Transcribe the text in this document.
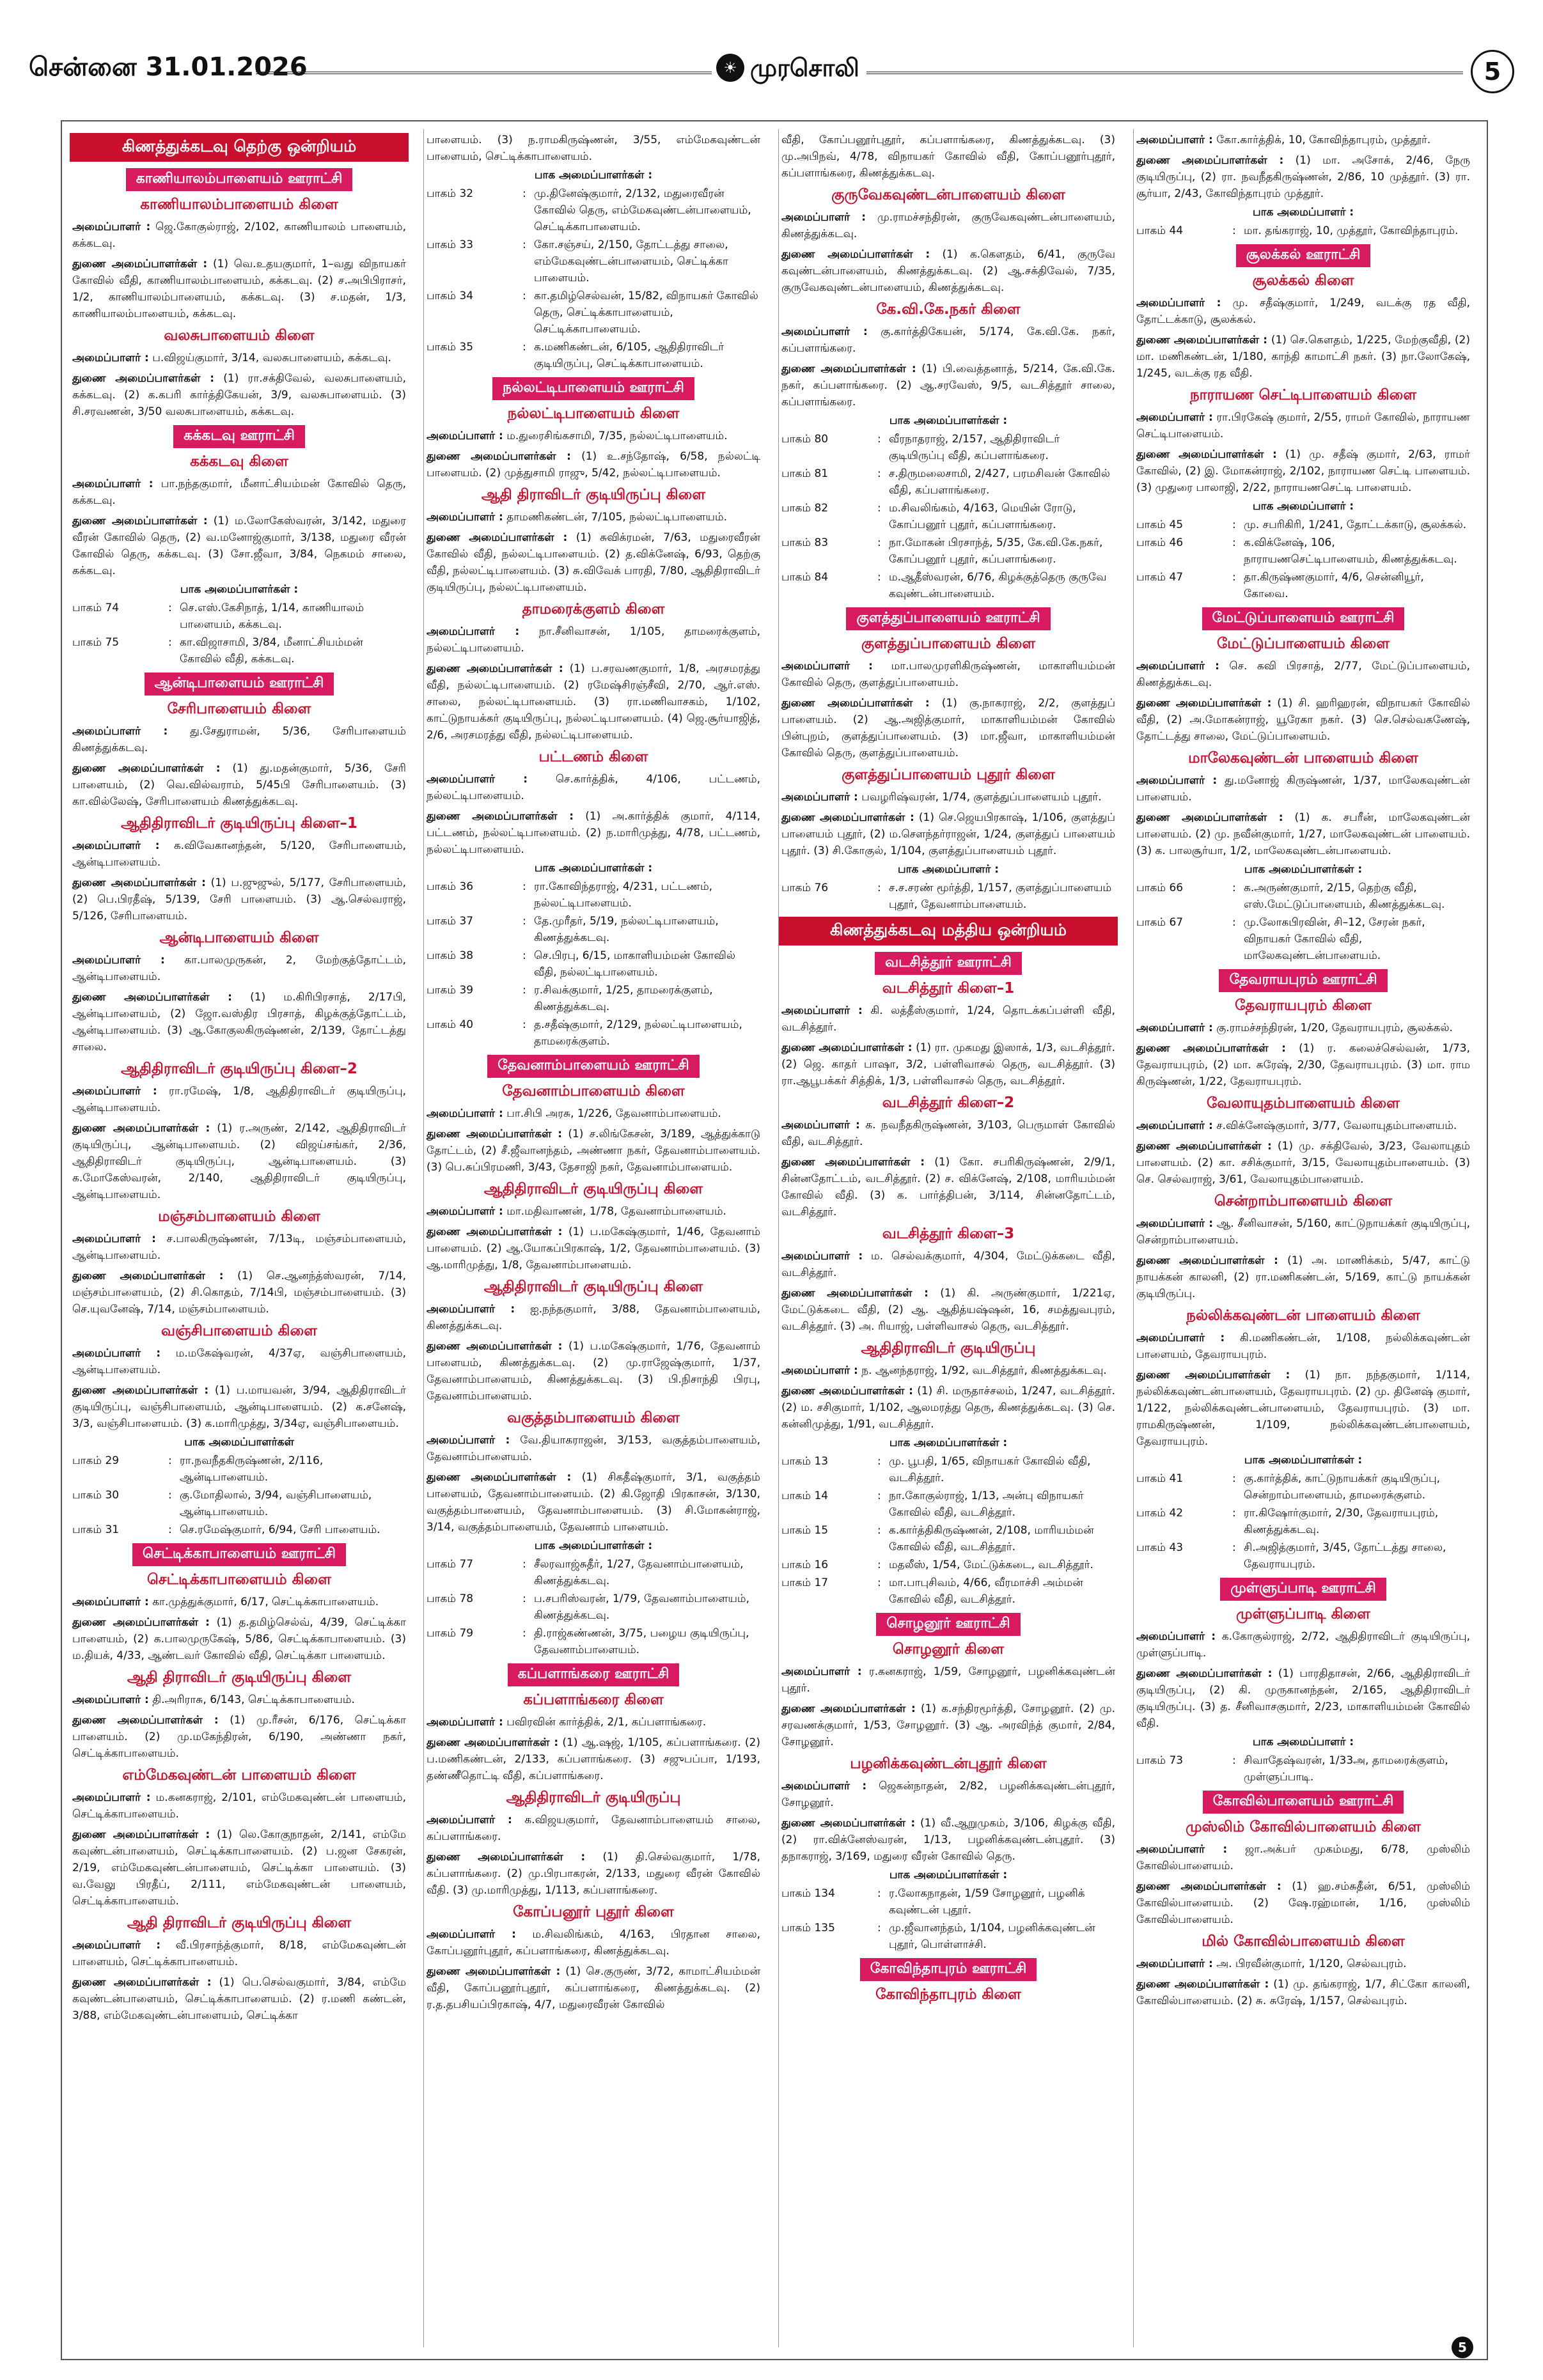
சென்னை 31.01.2026	☀ முரசொலி	5
கிணத்துக்கடவு தெற்கு ஒன்றியம்
காணியாலம்பாளையம் ஊராட்சி
காணியாலம்பாளையம் கிளை
அமைப்பாளர் : ஜெ.கோகுல்ராஜ், 2/102, காணியாலம் பாளையம், கக்கடவு.
துணை அமைப்பாளர்கள் : (1) வெ.உதயகுமார், 1–வது விநாயகர் கோவில் வீதி, காணியாலம்பாளையம், கக்கடவு. (2) ச.அபிபிராசர், 1/2, காணியாலம்பாளையம், கக்கடவு. (3) ச.மதன், 1/3, காணியாலம்பாளையம், கக்கடவு.
வலசுபாளையம் கிளை
அமைப்பாளர் : ப.விஜய்குமார், 3/14, வலசுபாளையம், கக்கடவு.
துணை அமைப்பாளர்கள் : (1) ரா.சக்திவேல், வலசுபாளையம், கக்கடவு. (2) க.கபரி கார்த்திகேயன், 3/9, வலசுபாளையம். (3) சி.சரவணன், 3/50 வலசுபாளையம், கக்கடவு.
கக்கடவு ஊராட்சி
கக்கடவு கிளை
அமைப்பாளர் : பா.நந்தகுமார், மீனாட்சியம்மன் கோவில் தெரு, கக்கடவு.
துணை அமைப்பாளர்கள் : (1) ம.லோகேஸ்வரன், 3/142, மதுரை வீரன் கோவில் தெரு, (2) வ.மனோஜ்குமார், 3/138, மதுரை வீரன் கோவில் தெரு, கக்கடவு. (3) சோ.ஜீவா, 3/84, நெகமம் சாலை, கக்கடவு.
பாக அமைப்பாளர்கள் :
பாகம் 74	: செ.எஸ்.கேசிநாத், 1/14, காணியாலம் பாளையம், கக்கடவு.
பாகம் 75	: கா.விஜாசாமி, 3/84, மீனாட்சியம்மன் கோவில் வீதி, கக்கடவு.
ஆன்டிபாளையம் ஊராட்சி
சேரிபாளையம் கிளை
அமைப்பாளர் : து.சேதுராமன், 5/36, சேரிபாளையம் கிணத்துக்கடவு.
துணை அமைப்பாளர்கள் : (1) து.மதன்குமார், 5/36, சேரி பாளையம், (2) வெ.வில்வராம், 5/45பி சேரிபாளையம். (3) கா.வில்லேஷ், சேரிபாளையம் கிணத்துக்கடவு.
ஆதிதிராவிடர் குடியிருப்பு கிளை–1
அமைப்பாளர் : க.விவேகானந்தன், 5/120, சேரிபாளையம், ஆன்டிபாளையம்.
துணை அமைப்பாளர்கள் : (1) ப.ஜுஜுல், 5/177, சேரிபாளையம், (2) பெ.பிரதீஷ், 5/139, சேரி பாளையம். (3) ஆ.செல்வராஜ், 5/126, சேரிபாளையம்.
ஆன்டிபாளையம் கிளை
அமைப்பாளர் : கா.பாலமுருகன், 2, மேற்குத்தோட்டம், ஆன்டிபாளையம்.
துணை அமைப்பாளர்கள் : (1) ம.கிரிபிரசாத், 2/17பி, ஆன்டிபாளையம், (2) ஜோ.வஸ்திர பிரசாத், கிழக்குத்தோட்டம், ஆன்டிபாளையம். (3) ஆ.கோகுலகிருஷ்ணன், 2/139, தோட்டத்து சாலை.
ஆதிதிராவிடர் குடியிருப்பு கிளை–2
அமைப்பாளர் : ரா.ரமேஷ், 1/8, ஆதிதிராவிடர் குடியிருப்பு, ஆன்டிபாளையம்.
துணை அமைப்பாளர்கள் : (1) ர.அருண், 2/142, ஆதிதிராவிடர் குடியிருப்பு, ஆன்டிபாளையம். (2) விஜய்சங்கர், 2/36, ஆதிதிராவிடர் குடியிருப்பு, ஆன்டிபாளையம். (3) க.மோகேஸ்வரன், 2/140, ஆதிதிராவிடர் குடியிருப்பு, ஆன்டிபாளையம்.
மஞ்சம்பாளையம் கிளை
அமைப்பாளர் : ச.பாலகிருஷ்ணன், 7/13டி, மஞ்சம்பாளையம், ஆன்டிபாளையம்.
துணை அமைப்பாளர்கள் : (1) செ.ஆனந்த்ஸ்வரன், 7/14, மஞ்சம்பாளையம், (2) சி.கொதம், 7/14பி, மஞ்சம்பாளையம். (3) செ.யுவனேஷ், 7/14, மஞ்சம்பாளையம்.
வஞ்சிபாளையம் கிளை
அமைப்பாளர் : ம.மகேஷ்வரன், 4/37ஏ, வஞ்சிபாளையம், ஆன்டிபாளையம்.
துணை அமைப்பாளர்கள் : (1) ப.மாயவன், 3/94, ஆதிதிராவிடர் குடியிருப்பு, வஞ்சிபாளையம், ஆன்டிபாளையம். (2) க.சனேஷ், 3/3, வஞ்சிபாளையம். (3) க.மாரிமுத்து, 3/34ஏ, வஞ்சிபாளையம்.
பாக அமைப்பாளர்கள்
பாகம் 29	: ரா.நவநீதகிருஷ்ணன், 2/116, ஆன்டிபாளையம்.
பாகம் 30	: கு.மோதிலால், 3/94, வஞ்சிபாளையம், ஆன்டிபாளையம்.
பாகம் 31	: செ.ரமேஷ்குமார், 6/94, சேரி பாளையம்.
செட்டிக்காபாளையம் ஊராட்சி
செட்டிக்காபாளையம் கிளை
அமைப்பாளர் : கா.முத்துக்குமார், 6/17, செட்டிக்காபாளையம்.
துணை அமைப்பாளர்கள் : (1) த.தமிழ்செல்வ், 4/39, செட்டிக்கா பாளையம், (2) க.பாலமுருகேஷ், 5/86, செட்டிக்காபாளையம். (3) ம.தியக், 4/33, ஆண்டவர் கோவில் வீதி, செட்டிக்கா பாளையம்.
ஆதி திராவிடர் குடியிருப்பு கிளை
அமைப்பாளர் : தி.அரிராசு, 6/143, செட்டிக்காபாளையம்.
துணை அமைப்பாளர்கள் : (1) மு.ரீசன், 6/176, செட்டிக்கா பாளையம். (2) மு.மகேந்திரன், 6/190, அண்ணா நகர், செட்டிக்காபாளையம்.
எம்மேகவுண்டன் பாளையம் கிளை
அமைப்பாளர் : ம.கனகராஜ், 2/101, எம்மேகவுண்டன் பாளையம், செட்டிக்காபாளையம்.
துணை அமைப்பாளர்கள் : (1) லெ.கோகுநாதன், 2/141, எம்மே கவுண்டன்பாளையம், செட்டிக்காபாளையம். (2) ப.ஜன சேகரன், 2/19, எம்மேகவுண்டன்பாளையம், செட்டிக்கா பாளையம். (3) வ.வேலு பிரதீப், 2/111, எம்மேகவுண்டன் பாளையம், செட்டிக்காபாளையம்.
ஆதி திராவிடர் குடியிருப்பு கிளை
அமைப்பாளர் : வீ.பிரசாந்த்குமார், 8/18, எம்மேகவுண்டன் பாளையம், செட்டிக்காபாளையம்.
துணை அமைப்பாளர்கள் : (1) பெ.செல்வகுமார், 3/84, எம்மே கவுண்டன்பாளையம், செட்டிக்காபாளையம். (2) ர.மணி கண்டன், 3/88, எம்மேகவுண்டன்பாளையம், செட்டிக்கா
பாளையம். (3) ந.ராமகிருஷ்ணன், 3/55, எம்மேகவுண்டன் பாளையம், செட்டிக்காபாளையம்.
பாக அமைப்பாளர்கள் :
பாகம் 32	: மு.தினேஷ்குமார், 2/132, மதுரைவீரன் கோவில் தெரு, எம்மேகவுண்டன்பாளையம், செட்டிக்காபாளையம்.
பாகம் 33	: கோ.சஞ்சய், 2/150, தோட்டத்து சாலை, எம்மேகவுண்டன்பாளையம், செட்டிக்கா பாளையம்.
பாகம் 34	: கா.தமிழ்செல்வன், 15/82, விநாயகர் கோவில் தெரு, செட்டிக்காபாளையம், செட்டிக்காபாளையம்.
பாகம் 35	: க.மணிகண்டன், 6/105, ஆதிதிராவிடர் குடியிருப்பு, செட்டிக்காபாளையம்.
நல்லட்டிபாளையம் ஊராட்சி
நல்லட்டிபாளையம் கிளை
அமைப்பாளர் : ம.துரைசிங்கசாமி, 7/35, நல்லட்டிபாளையம்.
துணை அமைப்பாளர்கள் : (1) உ.சந்தோஷ், 6/58, நல்லட்டி பாளையம். (2) முத்துசாமி ராஜு, 5/42, நல்லட்டிபாளையம்.
ஆதி திராவிடர் குடியிருப்பு கிளை
அமைப்பாளர் : தாமணிகண்டன், 7/105, நல்லட்டிபாளையம்.
துணை அமைப்பாளர்கள் : (1) சுவிக்ரமன், 7/63, மதுரைவீரன் கோவில் வீதி, நல்லட்டிபாளையம். (2) த.விக்னேஷ், 6/93, தெற்கு வீதி, நல்லட்டிபாளையம். (3) சு.விவேக் பாரதி, 7/80, ஆதிதிராவிடர் குடியிருப்பு, நல்லட்டிபாளையம்.
தாமரைக்குளம் கிளை
அமைப்பாளர் : நா.சீனிவாசன், 1/105, தாமரைக்குளம், நல்லட்டிபாளையம்.
துணை அமைப்பாளர்கள் : (1) ப.சரவணகுமார், 1/8, அரசமரத்து வீதி, நல்லட்டிபாளையம். (2) ரமேஷ்சிரஞ்சீவி, 2/70, ஆர்.எஸ். சாலை, நல்லட்டிபாளையம். (3) ரா.மணிவாசகம், 1/102, காட்டுநாயக்கர் குடியிருப்பு, நல்லட்டிபாளையம். (4) ஜெ.சூர்யாஜித், 2/6, அரசமரத்து வீதி, நல்லட்டிபாளையம்.
பட்டணம் கிளை
அமைப்பாளர் :	செ.கார்த்திக், 4/106, பட்டணம், நல்லட்டிபாளையம்.
துணை அமைப்பாளர்கள் : (1) அ.கார்த்திக் குமார், 4/114, பட்டணம், நல்லட்டிபாளையம். (2) ந.மாரிமுத்து, 4/78, பட்டணம், நல்லட்டிபாளையம்.
பாக அமைப்பாளர்கள் :
பாகம் 36	: ரா.கோவிந்தராஜ், 4/231, பட்டணம், நல்லட்டிபாளையம்.
பாகம் 37	: தே.முரீதர், 5/19, நல்லட்டிபாளையம், கிணத்துக்கடவு.
பாகம் 38	: செ.பிரபு, 6/15, மாகாளியம்மன் கோவில் வீதி, நல்லட்டிபாளையம்.
பாகம் 39	: ர.சிவக்குமார், 1/25, தாமரைக்குளம், கிணத்துக்கடவு.
பாகம் 40	: த.சதீஷ்குமார், 2/129, நல்லட்டிபாளையம், தாமரைக்குளம்.
தேவனாம்பாளையம் ஊராட்சி
தேவனாம்பாளையம் கிளை
அமைப்பாளர் : பா.சிபி அரசு, 1/226, தேவனாம்பாளையம்.
துணை அமைப்பாளர்கள் : (1) ச.லிங்கேசன், 3/189, ஆத்துக்காடு தோட்டம், (2) சீ.ஜீவானந்தம், அண்ணா நகர், தேவனாம்பாளையம். (3) பெ.சுப்பிரமணி, 3/43, தேசாஜி நகர், தேவனாம்பாளையம்.
ஆதிதிராவிடர் குடியிருப்பு கிளை
அமைப்பாளர் : மா.மதிவாணன், 1/78, தேவனாம்பாளையம்.
துணை அமைப்பாளர்கள் : (1) ப.மகேஷ்குமார், 1/46, தேவனாம் பாளையம். (2) ஆ.யோகப்பிரகாஷ், 1/2, தேவனாம்பாளையம். (3) ஆ.மாரிமுத்து, 1/8, தேவனாம்பாளையம்.
ஆதிதிராவிடர் குடியிருப்பு கிளை
அமைப்பாளர் : ஐ.நந்தகுமார், 3/88, தேவனாம்பாளையம், கிணத்துக்கடவு.
துணை அமைப்பாளர்கள் : (1) ப.மகேஷ்குமார், 1/76, தேவனாம் பாளையம், கிணத்துக்கடவு. (2) மு.ராஜேஷ்குமார், 1/37, தேவனாம்பாளையம், கிணத்துக்கடவு. (3) பி.நிசாந்தி பிரபு, தேவனாம்பாளையம்.
வகுத்தம்பாளையம் கிளை
அமைப்பாளர் : வே.தியாகராஜன், 3/153, வகுத்தம்பாளையம், தேவனாம்பாளையம்.
துணை அமைப்பாளர்கள் : (1) சிகதீஷ்குமார், 3/1, வகுத்தம் பாளையம், தேவனாம்பாளையம். (2) கி.ஜோதி பிரகாசன், 3/130, வகுத்தம்பாளையம், தேவனாம்பாளையம். (3) சி.மோகன்ராஜ், 3/14, வகுத்தம்பாளையம், தேவனாம் பாளையம்.
பாக அமைப்பாளர்கள் :
பாகம் 77	: சீலரவாஜ்சுதீர், 1/27, தேவனாம்பாளையம், கிணத்துக்கடவு.
பாகம் 78	: ப.சபரிஸ்வரன், 1/79, தேவனாம்பாளையம், கிணத்துக்கடவு.
பாகம் 79	: தி.ராஜ்கண்ணன், 3/75, பழைய குடியிருப்பு, தேவனாம்பாளையம்.
கப்பளாங்கரை ஊராட்சி
கப்பளாங்கரை கிளை
அமைப்பாளர் : பவிரவின் கார்த்திக், 2/1, கப்பளாங்கரை.
துணை அமைப்பாளர்கள் : (1) ஆ.ஷஜ், 1/105, கப்பளாங்கரை. (2) ப.மணிகண்டன், 2/133, கப்பளாங்கரை. (3) சஜுபப்பா, 1/193, தண்ணீதொட்டி வீதி, கப்பளாங்கரை.
ஆதிதிராவிடர் குடியிருப்பு
அமைப்பாளர் : க.விஜயகுமார், தேவனாம்பாளையம் சாலை, கப்பளாங்கரை.
துணை அமைப்பாளர்கள் : (1) தி.செல்வகுமார், 1/78, கப்பளாங்கரை. (2) மு.பிரபாகரன், 2/133, மதுரை வீரன் கோவில் வீதி. (3) மு.மாரிமுத்து, 1/113, கப்பளாங்கரை.
கோப்பனூர் புதூர் கிளை
அமைப்பாளர் : ம.சிவலிங்கம், 4/163, பிரதான சாலை, கோப்பனூர்புதூர், கப்பளாங்கரை, கிணத்துக்கடவு.
துணை அமைப்பாளர்கள் : (1) செ.குருண், 3/72, காமாட்சியம்மன் வீதி, கோப்பனூர்புதூர், கப்பளாங்கரை, கிணத்துக்கடவு. (2) ர.த.தபசியப்பிரகாஷ், 4/7, மதுரைவீரன் கோவில்
வீதி, கோப்பனூர்புதூர், கப்பளாங்கரை, கிணத்துக்கடவு. (3) மு.அபிநவ், 4/78, விநாயகர் கோவில் வீதி, கோப்பனூர்புதூர், கப்பளாங்கரை, கிணத்துக்கடவு.
குருவேகவுண்டன்பாளையம் கிளை
அமைப்பாளர் : மு.ராமச்சந்திரன், குருவேகவுண்டன்பாளையம், கிணத்துக்கடவு.
துணை அமைப்பாளர்கள் : (1) க.கௌதம், 6/41, குருவே கவுண்டன்பாளையம், கிணத்துக்கடவு. (2) ஆ.சக்திவேல், 7/35, குருவேகவுண்டன்பாளையம், கிணத்துக்கடவு.
கே.வி.கே.நகர் கிளை
அமைப்பாளர் : கு.கார்த்திகேயன், 5/174, கே.வி.கே. நகர், கப்பளாங்கரை.
துணை அமைப்பாளர்கள் : (1) பி.வைத்தனாத், 5/214, கே.வி.கே. நகர், கப்பளாங்கரை. (2) ஆ.சரவேஸ், 9/5, வடசித்தூர் சாலை, கப்பளாங்கரை.
பாக அமைப்பாளர்கள் :
பாகம் 80	: வீரநாதராஜ், 2/157, ஆதிதிராவிடர் குடியிருப்பு வீதி, கப்பளாங்கரை.
பாகம் 81	: ச.திருமலைசாமி, 2/427, பரமசிவன் கோவில் வீதி, கப்பளாங்கரை.
பாகம் 82	: ம.சிவலிங்கம், 4/163, மெயின் ரோடு, கோப்பனூர் புதூர், கப்பளாங்கரை.
பாகம் 83	: நா.மோகன் பிரசாந்த், 5/35, கே.வி.கே.நகர், கோப்பனூர் புதூர், கப்பளாங்கரை.
பாகம் 84	: ம.ஆதீஸ்வரன், 6/76, கிழக்குத்தெரு குருவே கவுண்டன்பாளையம்.
குளத்துப்பாளையம் ஊராட்சி
குளத்துப்பாளையம் கிளை
அமைப்பாளர் : மா.பாலமுரளிகிருஷ்ணன், மாகாளியம்மன் கோவில் தெரு, குளத்துப்பாளையம்.
துணை அமைப்பாளர்கள் : (1) கு.நாகராஜ், 2/2, குளத்துப் பாளையம். (2) ஆ.அஜித்குமார், மாகாளியம்மன் கோவில் பின்புறம், குளத்துப்பாளையம். (3) மா.ஜீவா, மாகாளியம்மன் கோவில் தெரு, குளத்துப்பாளையம்.
குளத்துப்பாளையம் புதூர் கிளை
அமைப்பாளர் : பவழரிஷ்வரன், 1/74, குளத்துப்பாளையம் புதூர்.
துணை அமைப்பாளர்கள் : (1) செ.ஜெயபிரகாஷ், 1/106, குளத்துப் பாளையம் புதூர், (2) ம.செளந்தர்ராஜன், 1/24, குளத்துப் பாளையம் புதூர். (3) சி.கோகுல், 1/104, குளத்துப்பாளையம் புதூர்.
பாக அமைப்பாளர் :
பாகம் 76	: ச.ச.சரண் மூர்த்தி, 1/157, குளத்துப்பாளையம் புதூர், தேவனாம்பாளையம்.
கிணத்துக்கடவு மத்திய ஒன்றியம்
வடசித்தூர் ஊராட்சி
வடசித்தூர் கிளை–1
அமைப்பாளர் : கி. லத்தீஸ்குமார், 1/24, தொடக்கப்பள்ளி வீதி, வடசித்தூர்.
துணை அமைப்பாளர்கள் : (1) ரா. முகமது இஸாக், 1/3, வடசித்தூர். (2) ஜெ. காதர் பாஷா, 3/2, பள்ளிவாசல் தெரு, வடசித்தூர். (3) ரா.ஆபூபக்கர் சித்திக், 1/3, பள்ளிவாசல் தெரு, வடசித்தூர்.
வடசித்தூர் கிளை–2
அமைப்பாளர் : க. நவநீதகிருஷ்ணன், 3/103, பெருமாள் கோவில் வீதி, வடசித்தூர்.
துணை அமைப்பாளர்கள் : (1) கோ. சபரிகிருஷ்ணன், 2/9/1, சின்னதோட்டம், வடசித்தூர். (2) ச. விக்னேஷ், 2/108, மாரியம்மன் கோவில் வீதி. (3) க. பார்த்திபன், 3/114, சின்னதோட்டம், வடசித்தூர்.
வடசித்தூர் கிளை–3
அமைப்பாளர் : ம. செல்வக்குமார், 4/304, மேட்டுக்கடை வீதி, வடசித்தூர்.
துணை அமைப்பாளர்கள் : (1) கி. அருண்குமார், 1/221ஏ, மேட்டுக்கடை வீதி, (2) ஆ. ஆதித்யஷ்ஷன், 16, சமத்துவபுரம், வடசித்தூர். (3) அ. ரியாஜ், பள்ளிவாசல் தெரு, வடசித்தூர்.
ஆதிதிராவிடர் குடியிருப்பு
அமைப்பாளர் : ந. ஆனந்தராஜ், 1/92, வடசித்தூர், கிணத்துக்கடவு.
துணை அமைப்பாளர்கள் : (1) சி. மருதாச்சலம், 1/247, வடசித்தூர். (2) ம. சசிகுமார், 1/102, ஆலமரத்து தெரு, கிணத்துக்கடவு. (3) செ. கன்னிமுத்து, 1/91, வடசித்தூர்.
பாக அமைப்பாளர்கள் :
பாகம் 13	: மு. பூபதி, 1/65, விநாயகர் கோவில் வீதி, வடசித்தூர்.
பாகம் 14	: நா.கோகுல்ராஜ், 1/13, அன்பு விநாயகர் கோவில் வீதி, வடசித்தூர்.
பாகம் 15	: க.கார்த்திகிருஷ்ணன், 2/108, மாரியம்மன் கோவில் வீதி, வடசித்தூர்.
பாகம் 16	: மதலீஸ், 1/54, மேட்டுக்கடை, வடசித்தூர்.
பாகம் 17	: மா.பாபுசிவம், 4/66, வீரமாச்சி அம்மன் கோவில் வீதி, வடசித்தூர்.
சொழனூர் ஊராட்சி
சொழனூர் கிளை
அமைப்பாளர் : ர.கனகராஜ், 1/59, சோழனூர், பழனிக்கவுண்டன் புதூர்.
துணை அமைப்பாளர்கள் : (1) க.சந்திரமூர்த்தி, சோழனூர். (2) மு. சரவணக்குமார், 1/53, சோழனூர். (3) ஆ. அரவிந்த் குமார், 2/84, சோழனூர்.
பழனிக்கவுண்டன்புதூர் கிளை
அமைப்பாளர் : ஜெகன்நாதன், 2/82, பழனிக்கவுண்டன்புதூர், சோழனூர்.
துணை அமைப்பாளர்கள் : (1) வீ.ஆறுமுகம், 3/106, கிழக்கு வீதி, (2) ரா.விக்னேஸ்வரன், 1/13, பழனிக்கவுண்டன்புதூர். (3) தநாகராஜ், 3/169, மதுரை வீரன் கோவில் தெரு.
பாக அமைப்பாளர்கள் :
பாகம் 134	: ர.லோகநாதன், 1/59 சோழனூர், பழனிக் கவுண்டன் புதூர்.
பாகம் 135	: மு.ஜீவானந்தம், 1/104, பழனிக்கவுண்டன் புதூர், பொள்ளாச்சி.
கோவிந்தாபுரம் ஊராட்சி
கோவிந்தாபுரம் கிளை
அமைப்பாளர் : கோ.கார்த்திக், 10, கோவிந்தாபுரம், முத்தூர்.
துணை அமைப்பாளர்கள் : (1) மா. அசோக், 2/46, நேரு குடியிருப்பு, (2) ரா. நவநீதகிருஷ்ணன், 2/86, 10 முத்தூர். (3) ரா. சூர்யா, 2/43, கோவிந்தாபுரம் முத்தூர்.
பாக அமைப்பாளர் :
பாகம் 44	: மா. தங்கராஜ், 10, முத்தூர், கோவிந்தாபுரம்.
சூலக்கல் ஊராட்சி
சூலக்கல் கிளை
அமைப்பாளர் : மு. சதீஷ்குமார், 1/249, வடக்கு ரத வீதி, தோட்டக்காடு, சூலக்கல்.
துணை அமைப்பாளர்கள் : (1) செ.கௌதம், 1/225, மேற்குவீதி, (2) மா. மணிகண்டன், 1/180, காந்தி காமாட்சி நகர். (3) நா.லோகேஷ், 1/245, வடக்கு ரத வீதி.
நாராயண செட்டிபாளையம் கிளை
அமைப்பாளர் : ரா.பிரகேஷ் குமார், 2/55, ராமர் கோவில், நாராயண செட்டிபாளையம்.
துணை அமைப்பாளர்கள் : (1) மு. சதீஷ் குமார், 2/63, ராமர் கோவில், (2) இ. மோகன்ராஜ், 2/102, நாராயண செட்டி பாளையம். (3) முதுரை பாலாஜி, 2/22, நாராயணசெட்டி பாளையம்.
பாக அமைப்பாளர் :
பாகம் 45	: மு. சபரிகிரி, 1/241, தோட்டக்காடு, சூலக்கல்.
பாகம் 46	: க.விக்னேஷ், 106, நாராயணசெட்டிபாளையம், கிணத்துக்கடவு.
பாகம் 47	: தா.கிருஷ்ணகுமார், 4/6, சென்னியூர், கோவை.
மேட்டுப்பாளையம் ஊராட்சி
மேட்டுப்பாளையம் கிளை
அமைப்பாளர் : செ. கவி பிரசாத், 2/77, மேட்டுப்பாளையம், கிணத்துக்கடவு.
துணை அமைப்பாளர்கள் : (1) சி. ஹரிஹரன், விநாயகர் கோவில் வீதி, (2) அ.மோகன்ராஜ், யூரேகா நகர். (3) செ.செல்வகணேஷ், தோட்டத்து சாலை, மேட்டுப்பாளையம்.
மாலேகவுண்டன் பாளையம் கிளை
அமைப்பாளர் : து.மனோஜ் கிருஷ்ணன், 1/37, மாலேகவுண்டன் பாளையம்.
துணை அமைப்பாளர்கள் : (1) க. சபரீன், மாலேகவுண்டன் பாளையம். (2) மு. நவீன்குமார், 1/27, மாலேகவுண்டன் பாளையம். (3) க. பாலசூர்யா, 1/2, மாலேகவுண்டன்பாளையம்.
பாக அமைப்பாளர்கள் :
பாகம் 66	: க.அருண்குமார், 2/15, தெற்கு வீதி, எஸ்.மேட்டுப்பாளையம், கிணத்துக்கடவு.
பாகம் 67	: மு.லோகபிரவின், சி–12, சேரன் நகர், விநாயகர் கோவில் வீதி, மாலேகவுண்டன்பாளையம்.
தேவராயபுரம் ஊராட்சி
தேவராயபுரம் கிளை
அமைப்பாளர் : கு.ராமச்சந்திரன், 1/20, தேவராயபுரம், சூலக்கல்.
துணை அமைப்பாளர்கள் : (1) ர. கலைச்செல்வன், 1/73, தேவராயபுரம், (2) மா. சுரேஷ், 2/30, தேவராயபுரம். (3) மா. ராம கிருஷ்ணன், 1/22, தேவராயபுரம்.
வேலாயுதம்பாளையம் கிளை
அமைப்பாளர் : ச.விக்னேஷ்குமார், 3/77, வேலாயுதம்பாளையம்.
துணை அமைப்பாளர்கள் : (1) மு. சக்திவேல், 3/23, வேலாயுதம் பாளையம். (2) கா. சசிக்குமார், 3/15, வேலாயுதம்பாளையம். (3) செ. செல்வராஜ், 3/61, வேலாயுதம்பாளையம்.
சென்றாம்பாளையம் கிளை
அமைப்பாளர் : ஆ. சீனிவாசன், 5/160, காட்டுநாயக்கர் குடியிருப்பு, சென்றாம்பாளையம்.
துணை அமைப்பாளர்கள் : (1) அ. மாணிக்கம், 5/47, காட்டு நாயக்கன் காலனி, (2) ரா.மணிகண்டன், 5/169, காட்டு நாயக்கன் குடியிருப்பு.
நல்லிக்கவுண்டன் பாளையம் கிளை
அமைப்பாளர் : கி.மணிகண்டன், 1/108, நல்லிக்கவுண்டன் பாளையம், தேவராயபுரம்.
துணை அமைப்பாளர்கள் : (1) நா. நந்தகுமார், 1/114, நல்லிக்கவுண்டன்பாளையம், தேவராயபுரம். (2) மு. தினேஷ் குமார், 1/122, நல்லிக்கவுண்டன்பாளையம், தேவராயபுரம். (3) மா. ராமகிருஷ்ணன், 1/109, நல்லிக்கவுண்டன்பாளையம், தேவராயபுரம்.
பாக அமைப்பாளர்கள் :
பாகம் 41	: கு.கார்த்திக், காட்டுநாயக்கர் குடியிருப்பு, சென்றாம்பாளையம், தாமரைக்குளம்.
பாகம் 42	: ரா.கிஷோர்குமார், 2/30, தேவராயபுரம், கிணத்துக்கடவு.
பாகம் 43	: சி.அஜித்குமார், 3/45, தோட்டத்து சாலை, தேவராயபுரம்.
முள்ளுப்பாடி ஊராட்சி
முள்ளுப்பாடி கிளை
அமைப்பாளர் : க.கோகுல்ராஜ், 2/72, ஆதிதிராவிடர் குடியிருப்பு, முள்ளுப்பாடி.
துணை அமைப்பாளர்கள் : (1) பாரதிதாசன், 2/66, ஆதிதிராவிடர் குடியிருப்பு, (2) கி. முருகானந்தன், 2/165, ஆதிதிராவிடர் குடியிருப்பு. (3) த. சீனிவாசகுமார், 2/23, மாகாளியம்மன் கோவில் வீதி.
பாக அமைப்பாளர் :
பாகம் 73	: சிவாதேஷ்வரன், 1/33அ, தாமரைக்குளம், முள்ளுப்பாடி.
கோவில்பாளையம் ஊராட்சி
முஸ்லிம் கோவில்பாளையம் கிளை
அமைப்பாளர் : ஜா.அக்பர் முகம்மது, 6/78, முஸ்லிம் கோவில்பாளையம்.
துணை அமைப்பாளர்கள் : (1) ஹ.சம்சுதீன், 6/51, முஸ்லிம் கோவில்பாளையம். (2) ஷே.ரஹ்மான், 1/16, முஸ்லிம் கோவில்பாளையம்.
மில் கோவில்பாளையம் கிளை
அமைப்பாளர் : அ. பிரவீன்குமார், 1/120, செல்வபுரம்.
துணை அமைப்பாளர்கள் : (1) மு. தங்கராஜ், 1/7, சிட்கோ காலனி, கோவில்பாளையம். (2) சு. சுரேஷ், 1/157, செல்வபுரம்.
5
